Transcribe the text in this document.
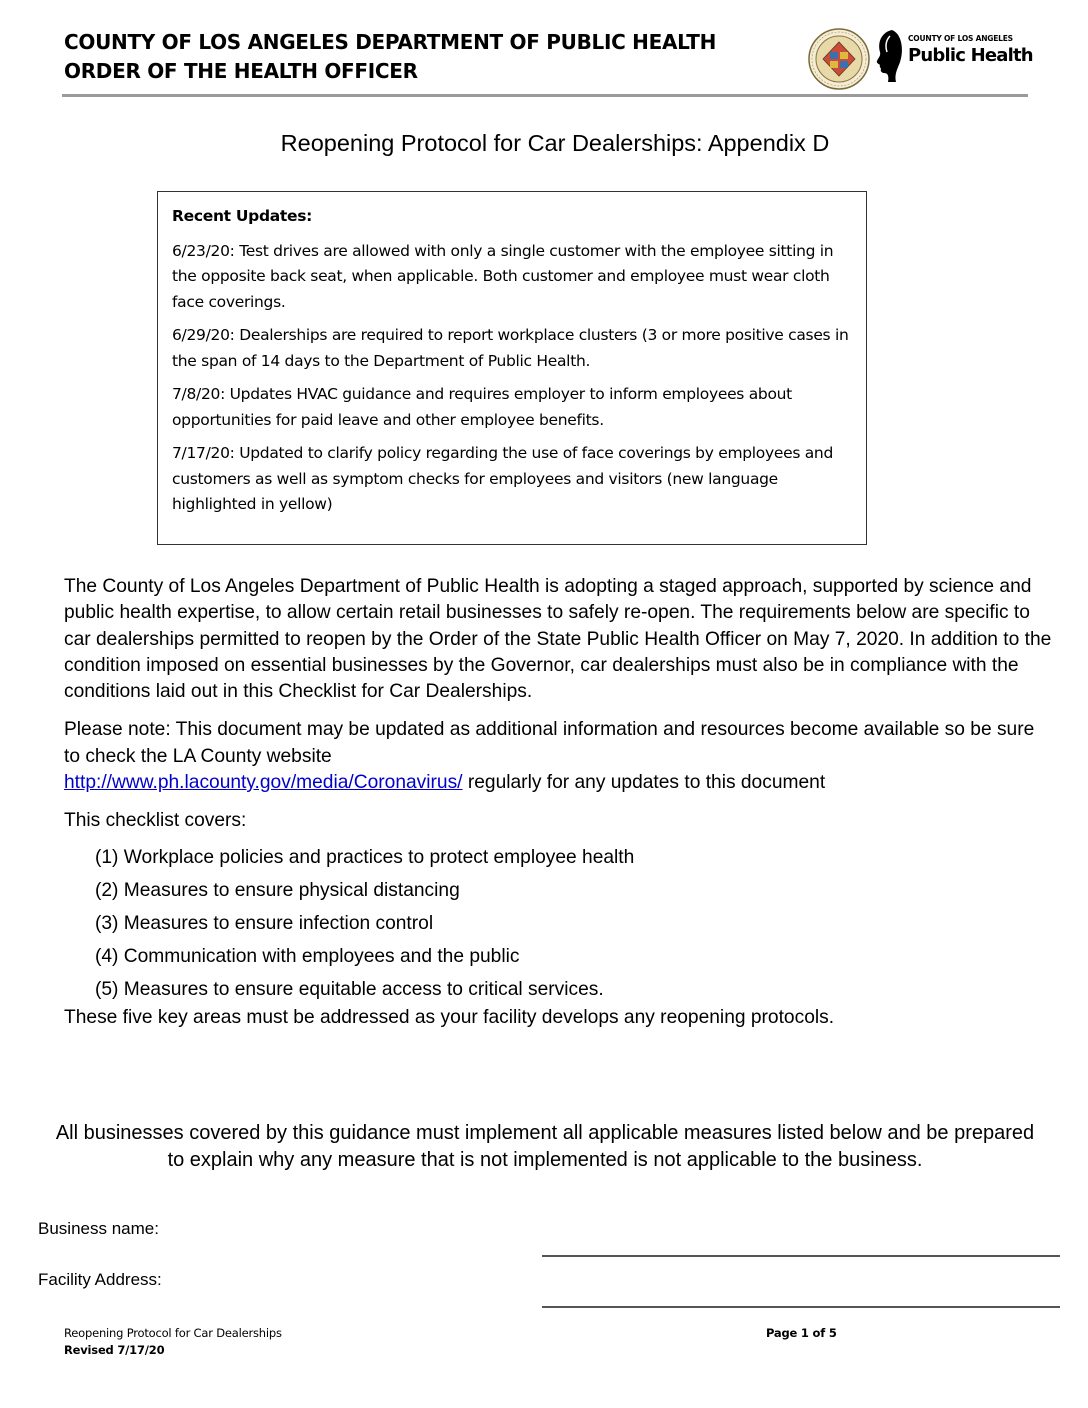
COUNTY OF LOS ANGELES DEPARTMENT OF PUBLIC HEALTH
ORDER OF THE HEALTH OFFICER
COUNTY OF LOS ANGELES
Public Health
Reopening Protocol for Car Dealerships: Appendix D
Recent Updates:

6/23/20: Test drives are allowed with only a single customer with the employee sitting in the opposite back seat, when applicable. Both customer and employee must wear cloth face coverings.

6/29/20: Dealerships are required to report workplace clusters (3 or more positive cases in the span of 14 days to the Department of Public Health.

7/8/20: Updates HVAC guidance and requires employer to inform employees about opportunities for paid leave and other employee benefits.

7/17/20: Updated to clarify policy regarding the use of face coverings by employees and customers as well as symptom checks for employees and visitors (new language highlighted in yellow)

The County of Los Angeles Department of Public Health is adopting a staged approach, supported by science and public health expertise, to allow certain retail businesses to safely re-open. The requirements below are specific to car dealerships permitted to reopen by the Order of the State Public Health Officer on May 7, 2020. In addition to the condition imposed on essential businesses by the Governor, car dealerships must also be in compliance with the conditions laid out in this Checklist for Car Dealerships.

Please note: This document may be updated as additional information and resources become available so be sure to check the LA County website
http://www.ph.lacounty.gov/media/Coronavirus/ regularly for any updates to this document

This checklist covers:

(1) Workplace policies and practices to protect employee health
(2) Measures to ensure physical distancing
(3) Measures to ensure infection control
(4) Communication with employees and the public
(5) Measures to ensure equitable access to critical services.

These five key areas must be addressed as your facility develops any reopening protocols.

All businesses covered by this guidance must implement all applicable measures listed below and be prepared to explain why any measure that is not implemented is not applicable to the business.
Business name:
Facility Address:
Reopening Protocol for Car Dealerships
Revised 7/17/20
Page 1 of 5
